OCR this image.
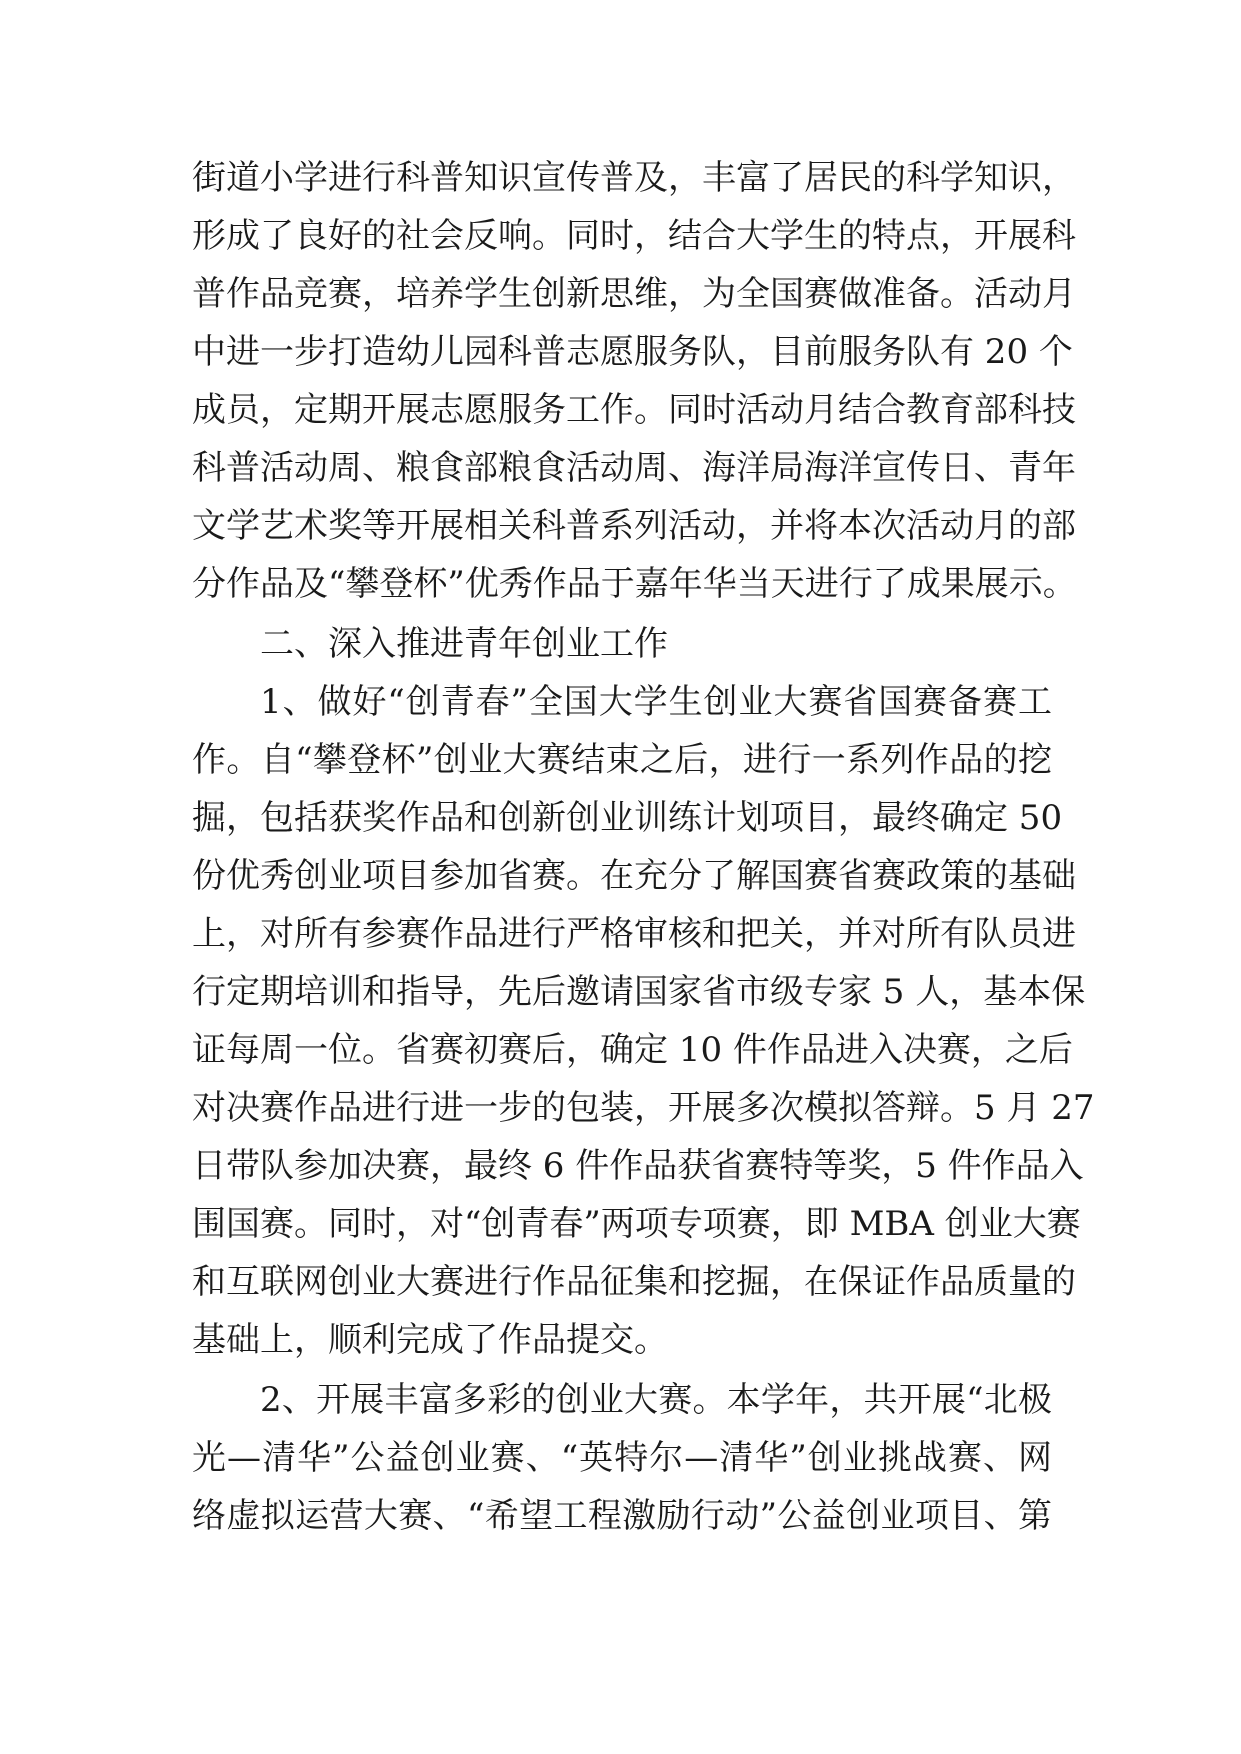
街道小学进行科普知识宣传普及，丰富了居民的科学知识，
形成了良好的社会反响。同时，结合大学生的特点，开展科
普作品竞赛，培养学生创新思维，为全国赛做准备。活动月
中进一步打造幼儿园科普志愿服务队，目前服务队有 20 个
成员，定期开展志愿服务工作。同时活动月结合教育部科技
科普活动周、粮食部粮食活动周、海洋局海洋宣传日、青年
文学艺术奖等开展相关科普系列活动，并将本次活动月的部
分作品及“攀登杯”优秀作品于嘉年华当天进行了成果展示。
二、深入推进青年创业工作
1、做好“创青春”全国大学生创业大赛省国赛备赛工
作。自“攀登杯”创业大赛结束之后，进行一系列作品的挖
掘，包括获奖作品和创新创业训练计划项目，最终确定 50
份优秀创业项目参加省赛。在充分了解国赛省赛政策的基础
上，对所有参赛作品进行严格审核和把关，并对所有队员进
行定期培训和指导，先后邀请国家省市级专家 5 人，基本保
证每周一位。省赛初赛后，确定 10 件作品进入决赛，之后
对决赛作品进行进一步的包装，开展多次模拟答辩。5 月 27
日带队参加决赛，最终 6 件作品获省赛特等奖，5 件作品入
围国赛。同时，对“创青春”两项专项赛，即 MBA 创业大赛
和互联网创业大赛进行作品征集和挖掘，在保证作品质量的
基础上，顺利完成了作品提交。
2、开展丰富多彩的创业大赛。本学年，共开展“北极
光—清华”公益创业赛、“英特尔—清华”创业挑战赛、网
络虚拟运营大赛、“希望工程激励行动”公益创业项目、第
